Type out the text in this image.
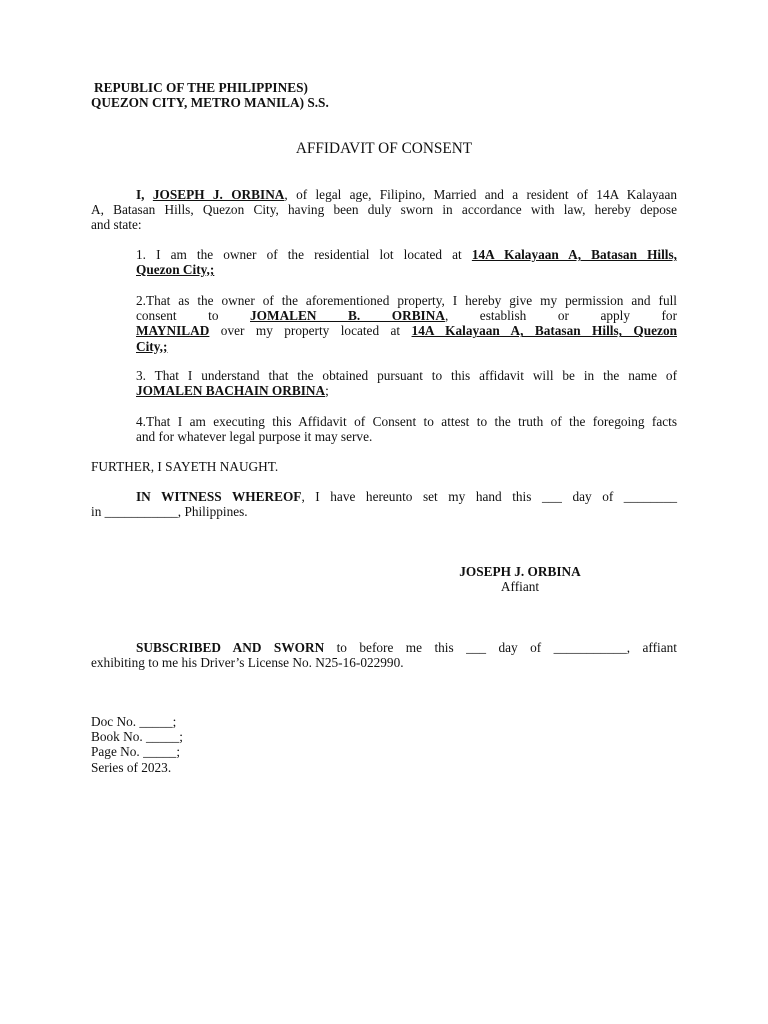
REPUBLIC OF THE PHILIPPINES)
QUEZON CITY, METRO MANILA) S.S.
AFFIDAVIT OF CONSENT
I, JOSEPH J. ORBINA, of legal age, Filipino, Married and a resident of 14A Kalayaan
A, Batasan Hills, Quezon City, having been duly sworn in accordance with law, hereby depose
and state:
1. I am the owner of the residential lot located at 14A Kalayaan A, Batasan Hills,
Quezon City,;
2.That as the owner of the aforementioned property, I hereby give my permission and full
consent to JOMALEN B. ORBINA, establish or apply for
MAYNILAD over my property located at 14A Kalayaan A, Batasan Hills, Quezon
City,;
3. That I understand that the obtained pursuant to this affidavit will be in the name of
JOMALEN BACHAIN ORBINA;
4.That I am executing this Affidavit of Consent to attest to the truth of the foregoing facts
and for whatever legal purpose it may serve.
FURTHER, I SAYETH NAUGHT.
IN WITNESS WHEREOF, I have hereunto set my hand this ___ day of ________
in ___________, Philippines.
JOSEPH J. ORBINA
Affiant
SUBSCRIBED AND SWORN to before me this ___ day of ___________, affiant
exhibiting to me his Driver’s License No. N25-16-022990.
Doc No. _____;
Book No. _____;
Page No. _____;
Series of 2023.
